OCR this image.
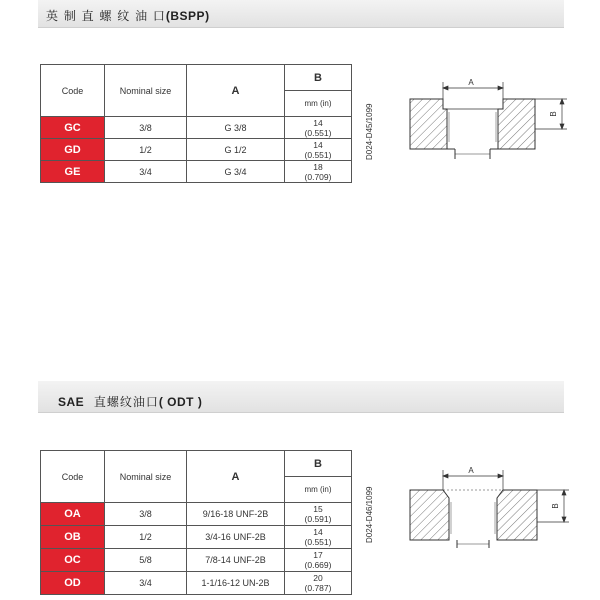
英 制 直 螺 纹 油 口(BSPP)
Code	Nominal size	A	B
			mm (in)
GC	3/8	G 3/8	14
(0.551)

GD	1/2	G 1/2	14
(0.551)

GE	3/4	G 3/4	18
(0.709)
D024-D45/1099
A
B
SAE 直螺纹油口( ODT )
Code	Nominal size	A	B
			mm (in)
OA	3/8	9/16-18 UNF-2B	15
(0.591)

OB	1/2	3/4-16 UNF-2B	14
(0.551)

OC	5/8	7/8-14 UNF-2B	17
(0.669)

OD	3/4	1-1/16-12 UN-2B	20
(0.787)
D024-D46/1099
A
B
